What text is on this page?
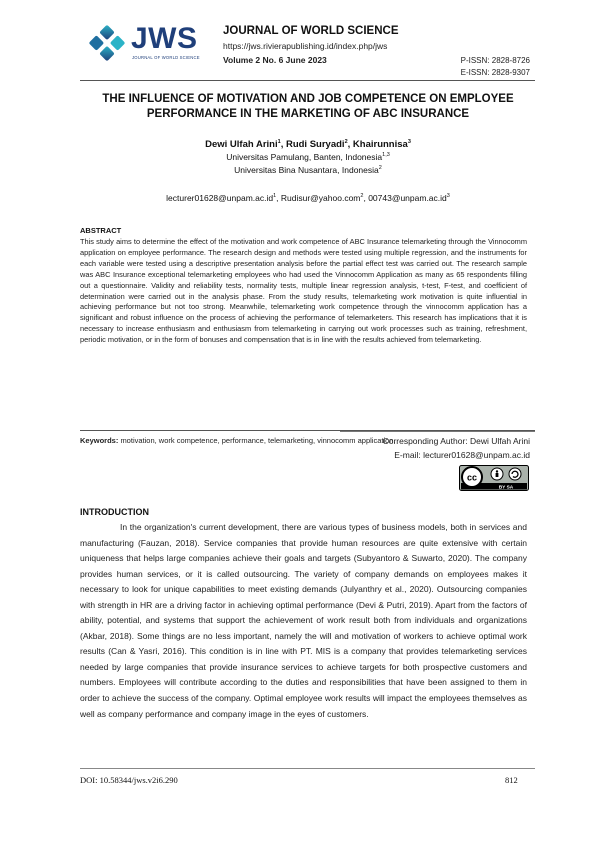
JWS
JOURNAL OF WORLD SCIENCE
JOURNAL OF WORLD SCIENCE
https://jws.rivierapublishing.id/index.php/jws
Volume 2 No. 6 June 2023	P-ISSN: 2828-8726
E-ISSN: 2828-9307
THE INFLUENCE OF MOTIVATION AND JOB COMPETENCE ON EMPLOYEE
PERFORMANCE IN THE MARKETING OF ABC INSURANCE
Dewi Ulfah Arini$^1$, Rudi Suryadi$^2$, Khairunnisa$^3$
Universitas Pamulang, Banten, Indonesia$^{1,3}$
Universitas Bina Nusantara, Indonesia$^2$
$lecturer01628@unpam.ac.id^1$, Rudisur@yahoo.com$^2$, $00743@unpam.ac.id^3$
ABSTRACT
This study aims to determine the effect of the motivation and work competence of ABC Insurance telemarketing through the Vinnocomm application on employee performance. The research design and methods were tested using multiple regression, and the instruments for each variable were tested using a descriptive presentation analysis before the partial effect test was carried out. The research sample was ABC Insurance exceptional telemarketing employees who had used the Vinnocomm Application as many as 65 respondents filling out a questionnaire. Validity and reliability tests, normality tests, multiple linear regression analysis, t-test, F-test, and coefficient of determination were carried out in the analysis phase. From the study results, telemarketing work motivation is quite influential in achieving performance but not too strong. Meanwhile, telemarketing work competence through the vinnocomm application has a significant and robust influence on the process of achieving the performance of telemarketers. This research has implications that it is necessary to increase enthusiasm and enthusiasm from telemarketing in carrying out work processes such as training, refreshment, periodic motivation, or in the form of bonuses and compensation that is in line with the results achieved from telemarketing.
Keywords: motivation, work competence, performance, telemarketing, vinnocomm application.
Corresponding Author: Dewi Ulfah Arini
E-mail: lecturer01628@unpam.ac.id
cc
BY SA
INTRODUCTION
In the organization's current development, there are various types of business models, both in services and manufacturing (Fauzan, 2018). Service companies that provide human resources are quite extensive with certain uniqueness that helps large companies achieve their goals and targets (Subyantoro & Suwarto, 2020). The company provides human services, or it is called outsourcing. The variety of company demands on employees makes it necessary to look for unique capabilities to meet existing demands (Julyanthry et al., 2020). Outsourcing companies with strength in HR are a driving factor in achieving optimal performance (Devi & Putri, 2019). Apart from the factors of ability, potential, and systems that support the achievement of work result both from individuals and organizations (Akbar, 2018). Some things are no less important, namely the will and motivation of workers to achieve optimal work results (Can & Yasri, 2016). This condition is in line with PT. MIS is a company that provides telemarketing services needed by large companies that provide insurance services to achieve targets for both prospective customers and numbers. Employees will contribute according to the duties and responsibilities that have been assigned to them in order to achieve the success of the company. Optimal employee work results will impact the employees themselves as well as company performance and company image in the eyes of customers.
DOI: 10.58344/jws.v2i6.290	812
